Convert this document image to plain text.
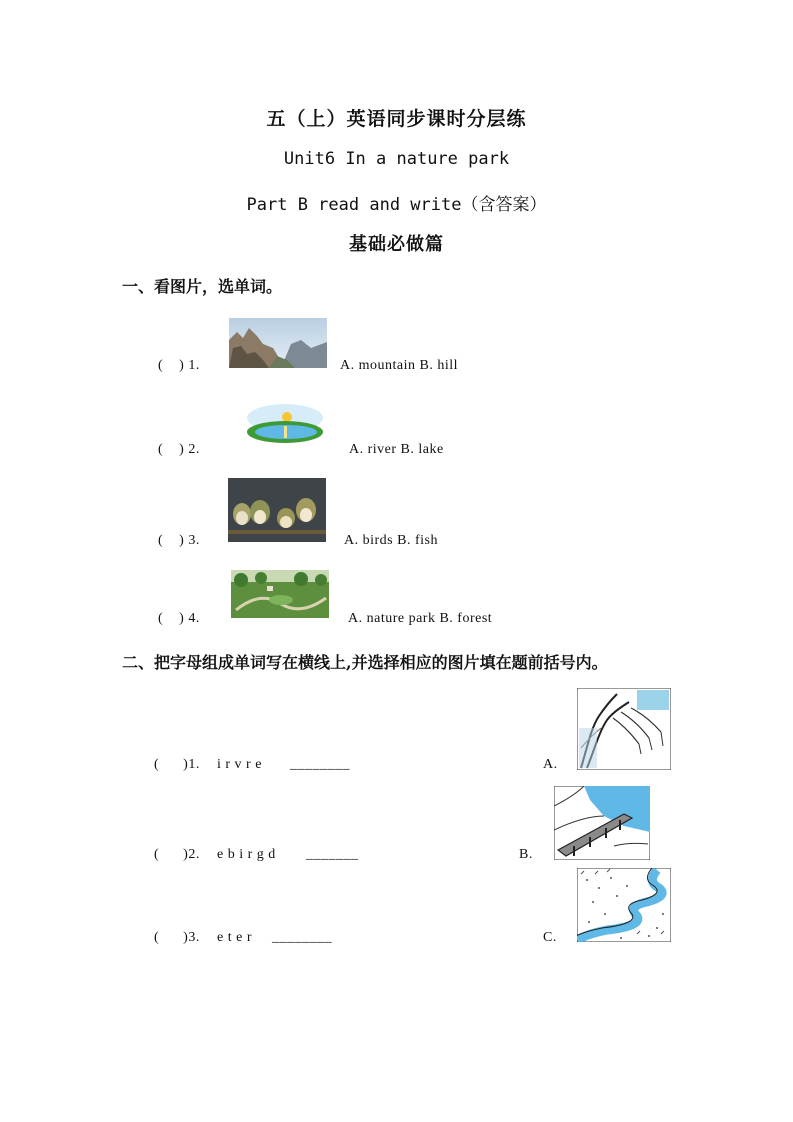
五（上）英语同步课时分层练
Unit6 In a nature park
Part B read and write（含答案）
基础必做篇
一、看图片，选单词。
(    ) 1.	A. mountain B. hill
(    ) 2.	A. river B. lake
(    ) 3.	A. birds B. fish
(    ) 4.	A. nature park B. forest
二、把字母组成单词写在横线上,并选择相应的图片填在题前括号内。
(      )1. i r v r e ________	A.
(      )2. e b i r g d _______	B.
(      )3. e t e r ________	C.
